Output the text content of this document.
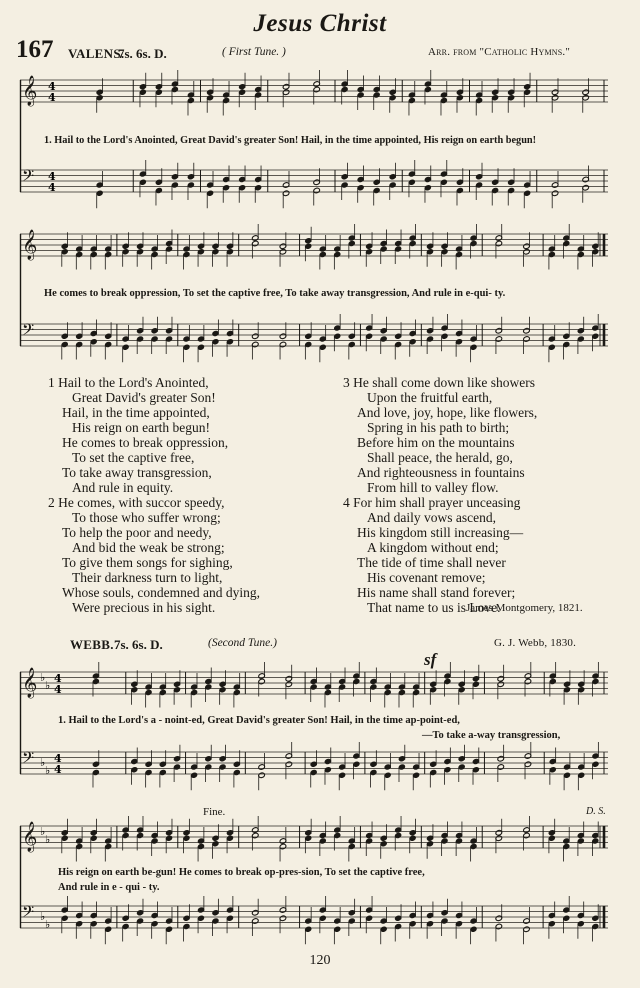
Jesus Christ
167 VALENS.
7s. 6s. D.	( First Tune. )	Arr. from "Catholic Hymns."
𝄞
𝄢
4
4
4
4
1. Hail to the Lord's Anointed, Great David's greater Son! Hail, in the time appointed, His reign on earth begun!
𝄞
𝄢
He comes to break oppression, To set the captive free, To take away transgression, And rule in e-qui- ty.
1 Hail to the Lord's Anointed,
Great David's greater Son!
Hail, in the time appointed,
His reign on earth begun!
He comes to break oppression,
To set the captive free,
To take away transgression,
And rule in equity.
2 He comes, with succor speedy,
To those who suffer wrong;
To help the poor and needy,
And bid the weak be strong;
To give them songs for sighing,
Their darkness turn to light,
Whose souls, condemned and dying,
Were precious in his sight.
3 He shall come down like showers
Upon the fruitful earth,
And love, joy, hope, like flowers,
Spring in his path to birth;
Before him on the mountains
Shall peace, the herald, go,
And righteousness in fountains
From hill to valley flow.
4 For him shall prayer unceasing
And daily vows ascend,
His kingdom still increasing—
A kingdom without end;
The tide of time shall never
His covenant remove;
His name shall stand forever;
That name to us is Love.
James Montgomery, 1821.
WEBB. 7s. 6s. D.	(Second Tune.)	G. J. Webb, 1830.
sf
𝄞
𝄢
4
4
4
4
♭
♭
♭
♭
1. Hail to the Lord's a - noint-ed, Great David's greater Son! Hail, in the time ap-point-ed,
—To take a-way transgression,
Fine.	D. S.
𝄞
𝄢
♭
♭
♭
♭
His reign on earth be-gun! He comes to break op-pres-sion, To set the captive free,
And rule in e - qui - ty.
120
